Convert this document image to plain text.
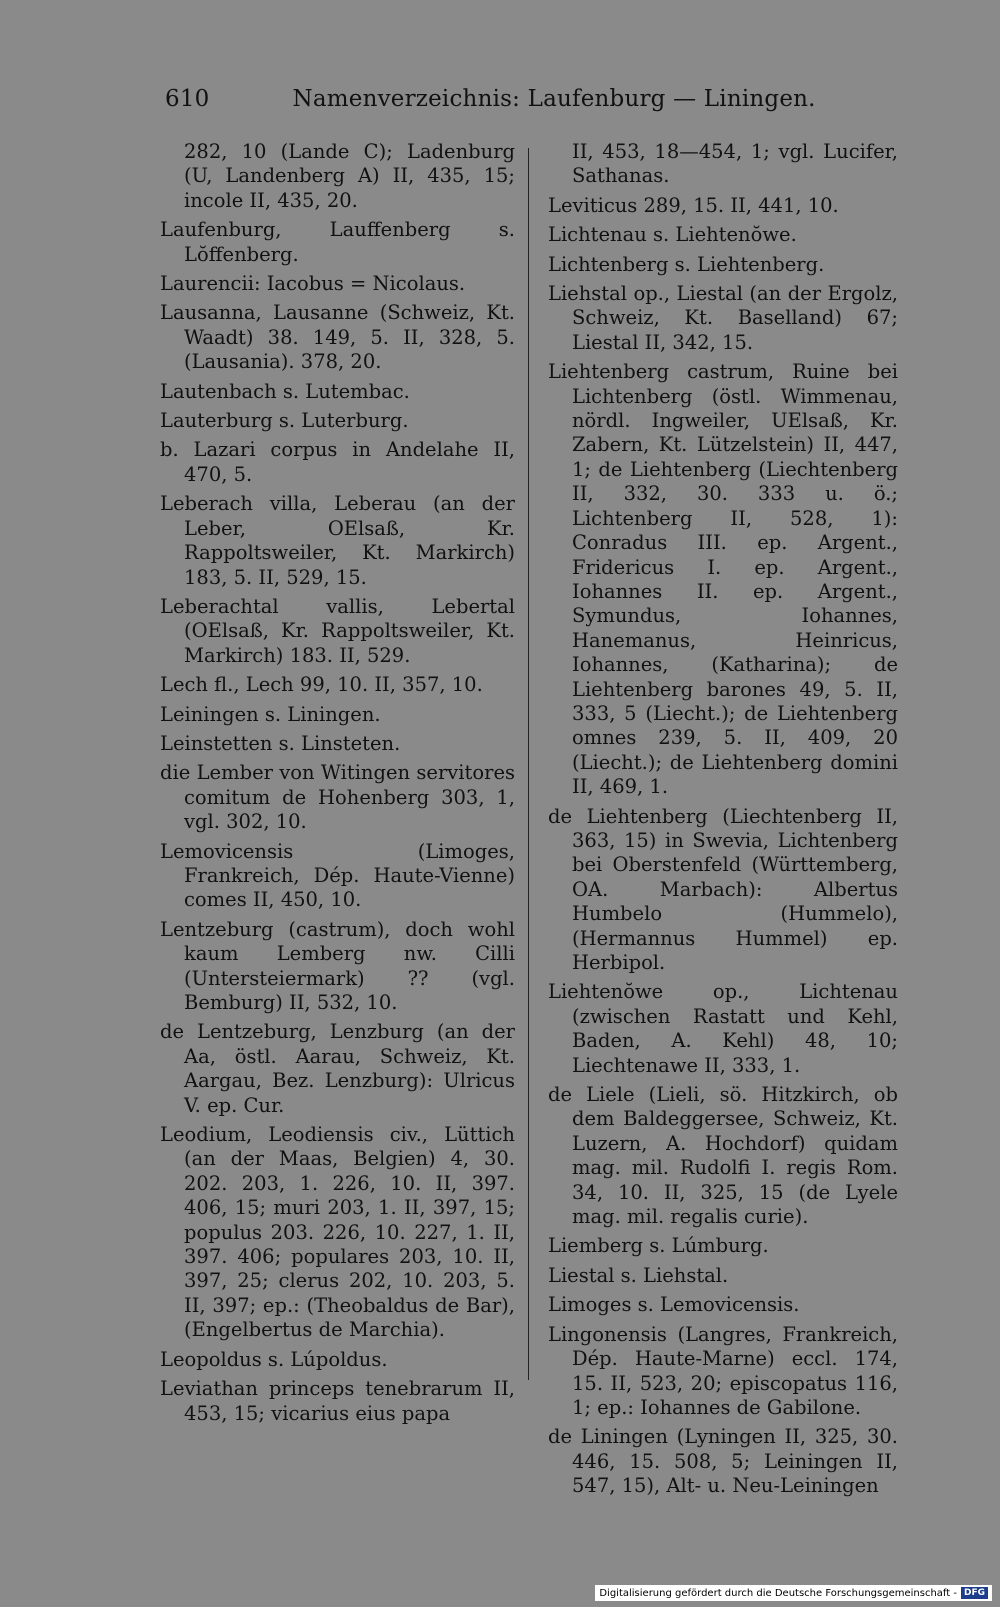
610	Namenverzeichnis: Laufenburg — Liningen.
282, 10 (Lande C); Ladenburg (U, Landenberg A) II, 435, 15; incole II, 435, 20.
Laufenburg, Lauffenberg s. Lŏffenberg.
Laurencii: Iacobus = Nicolaus.
Lausanna, Lausanne (Schweiz, Kt. Waadt) 38. 149, 5. II, 328, 5. (Lausania). 378, 20.
Lautenbach s. Lutembac.
Lauterburg s. Luterburg.
b. Lazari corpus in Andelahe II, 470, 5.
Leberach villa, Leberau (an der Leber, OElsaß, Kr. Rappoltsweiler, Kt. Markirch) 183, 5. II, 529, 15.
Leberachtal vallis, Lebertal (OElsaß, Kr. Rappoltsweiler, Kt. Markirch) 183. II, 529.
Lech fl., Lech 99, 10. II, 357, 10.
Leiningen s. Liningen.
Leinstetten s. Linsteten.
die Lember von Witingen servitores comitum de Hohenberg 303, 1, vgl. 302, 10.
Lemovicensis (Limoges, Frankreich, Dép. Haute-Vienne) comes II, 450, 10.
Lentzeburg (castrum), doch wohl kaum Lemberg nw. Cilli (Untersteiermark) ?? (vgl. Bemburg) II, 532, 10.
de Lentzeburg, Lenzburg (an der Aa, östl. Aarau, Schweiz, Kt. Aargau, Bez. Lenzburg): Ulricus V. ep. Cur.
Leodium, Leodiensis civ., Lüttich (an der Maas, Belgien) 4, 30. 202. 203, 1. 226, 10. II, 397. 406, 15; muri 203, 1. II, 397, 15; populus 203. 226, 10. 227, 1. II, 397. 406; populares 203, 10. II, 397, 25; clerus 202, 10. 203, 5. II, 397; ep.: (Theobaldus de Bar), (Engelbertus de Marchia).
Leopoldus s. Lúpoldus.
Leviathan princeps tenebrarum II, 453, 15; vicarius eius papa
II, 453, 18—454, 1; vgl. Lucifer, Sathanas.
Leviticus 289, 15. II, 441, 10.
Lichtenau s. Liehtenŏwe.
Lichtenberg s. Liehtenberg.
Liehstal op., Liestal (an der Ergolz, Schweiz, Kt. Baselland) 67; Liestal II, 342, 15.
Liehtenberg castrum, Ruine bei Lichtenberg (östl. Wimmenau, nördl. Ingweiler, UElsaß, Kr. Zabern, Kt. Lützelstein) II, 447, 1; de Liehtenberg (Liechtenberg II, 332, 30. 333 u. ö.; Lichtenberg II, 528, 1): Conradus III. ep. Argent., Fridericus I. ep. Argent., Iohannes II. ep. Argent., Symundus, Iohannes, Hanemanus, Heinricus, Iohannes, (Katharina); de Liehtenberg barones 49, 5. II, 333, 5 (Liecht.); de Liehtenberg omnes 239, 5. II, 409, 20 (Liecht.); de Liehtenberg domini II, 469, 1.
de Liehtenberg (Liechtenberg II, 363, 15) in Swevia, Lichtenberg bei Oberstenfeld (Württemberg, OA. Marbach): Albertus Humbelo (Hummelo), (Hermannus Hummel) ep. Herbipol.
Liehtenŏwe op., Lichtenau (zwischen Rastatt und Kehl, Baden, A. Kehl) 48, 10; Liechtenawe II, 333, 1.
de Liele (Lieli, sö. Hitzkirch, ob dem Baldeggersee, Schweiz, Kt. Luzern, A. Hochdorf) quidam mag. mil. Rudolfi I. regis Rom. 34, 10. II, 325, 15 (de Lyele mag. mil. regalis curie).
Liemberg s. Lúmburg.
Liestal s. Liehstal.
Limoges s. Lemovicensis.
Lingonensis (Langres, Frankreich, Dép. Haute-Marne) eccl. 174, 15. II, 523, 20; episcopatus 116, 1; ep.: Iohannes de Gabilone.
de Liningen (Lyningen II, 325, 30. 446, 15. 508, 5; Leiningen II, 547, 15), Alt- u. Neu-Leiningen
Digitalisierung gefördert durch die Deutsche Forschungsgemeinschaft - DFG
